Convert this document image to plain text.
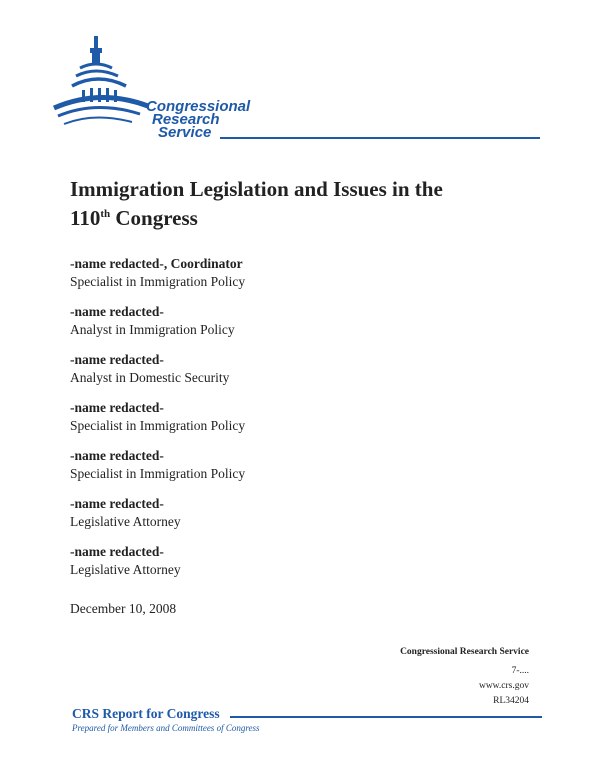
Congressional
Research
Service
Immigration Legislation and Issues in the
110th Congress
-name redacted-, Coordinator
Specialist in Immigration Policy
-name redacted-
Analyst in Immigration Policy
-name redacted-
Analyst in Domestic Security
-name redacted-
Specialist in Immigration Policy
-name redacted-
Specialist in Immigration Policy
-name redacted-
Legislative Attorney
-name redacted-
Legislative Attorney
December 10, 2008
Congressional Research Service
7-....
www.crs.gov
RL34204
CRS Report for Congress
Prepared for Members and Committees of Congress
